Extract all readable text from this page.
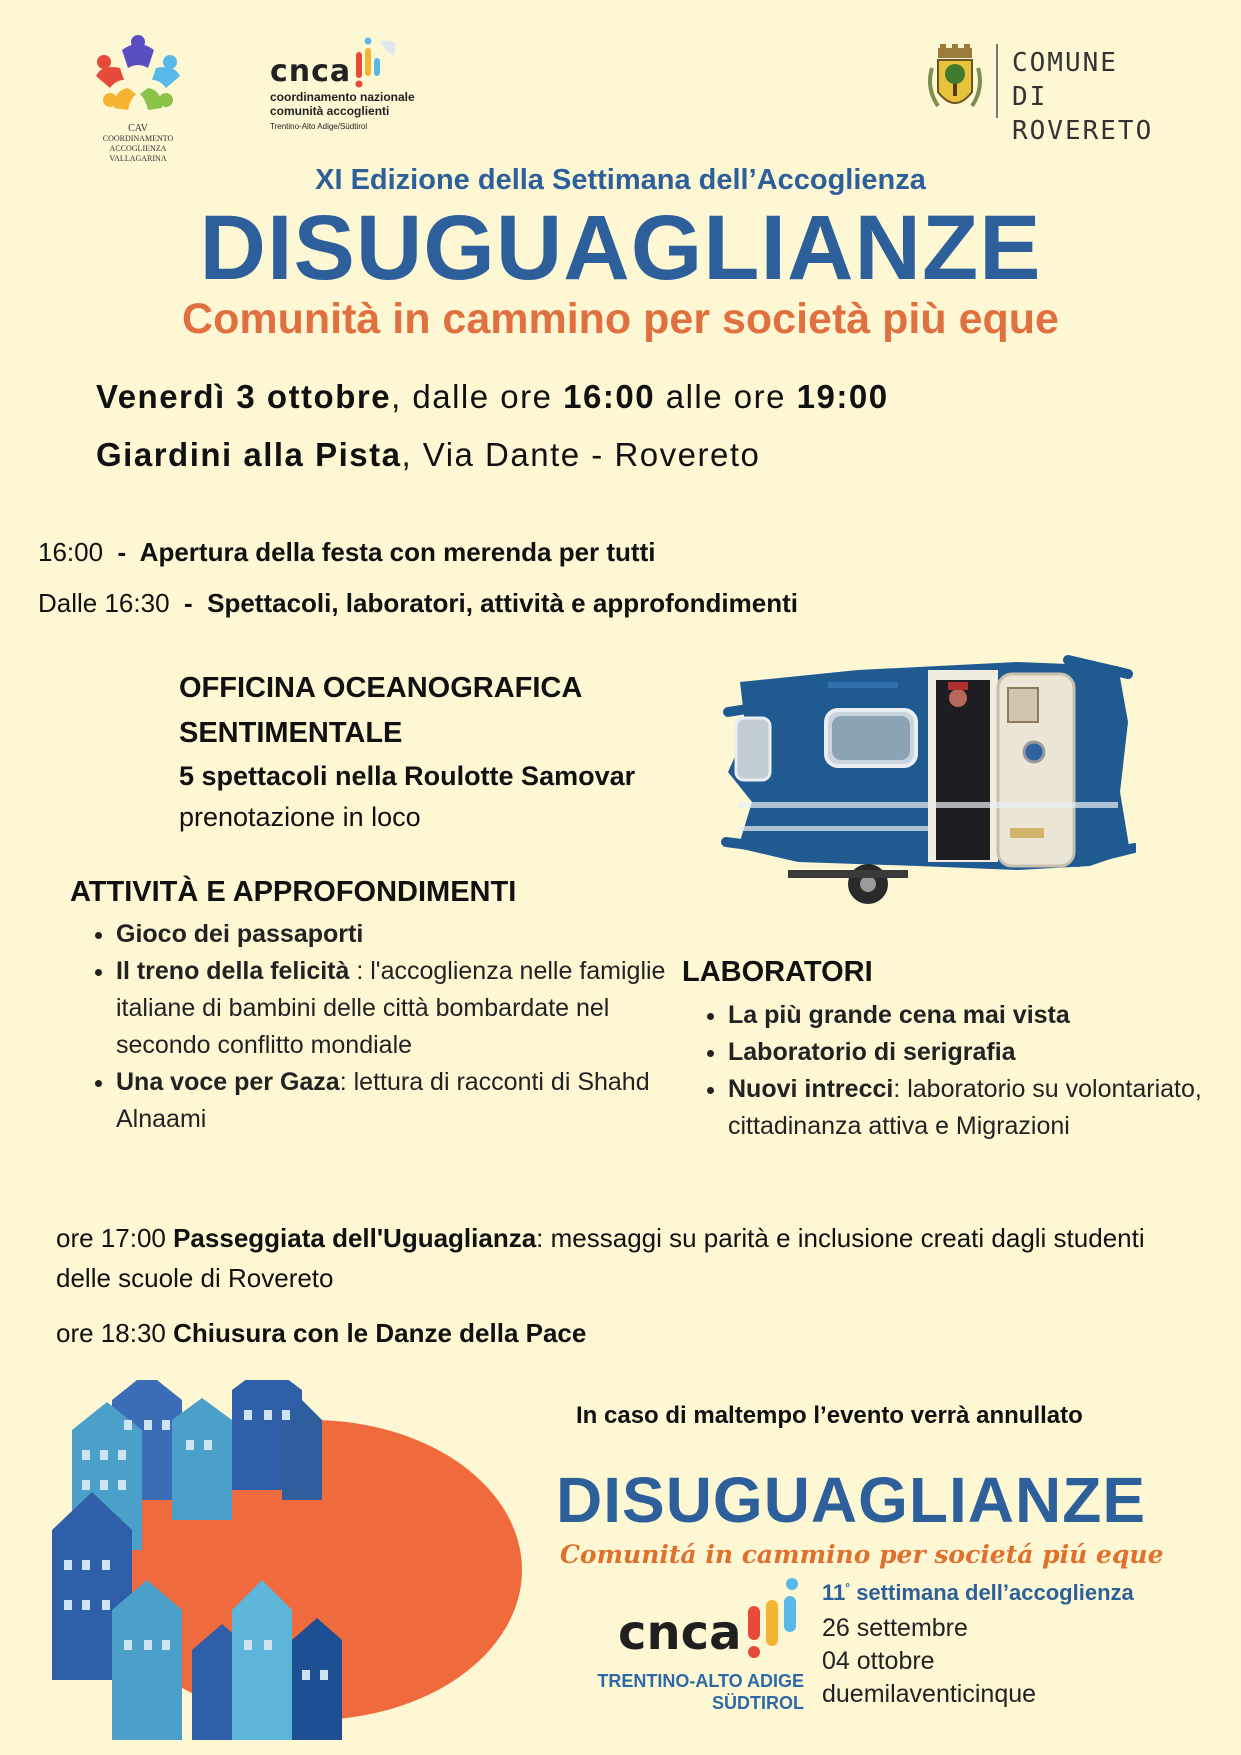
CAV
COORDINAMENTO ACCOGLIENZA
VALLAGARINA
cnca
coordinamento nazionale
comunità accoglienti
Trentino-Alto Adige/Südtirol
COMUNE DI
ROVERETO
XI Edizione della Settimana dell’Accoglienza
DISUGUAGLIANZE
Comunità in cammino per società più eque
Venerdì 3 ottobre, dalle ore 16:00 alle ore 19:00
Giardini alla Pista, Via Dante - Rovereto
16:00  -  Apertura della festa con merenda per tutti
Dalle 16:30  -  Spettacoli, laboratori, attività e approfondimenti
OFFICINA OCEANOGRAFICA
SENTIMENTALE
5 spettacoli nella Roulotte Samovar
prenotazione in loco
ATTIVITÀ E APPROFONDIMENTI
• Gioco dei passaporti
• Il treno della felicità : l'accoglienza nelle famiglie italiane di bambini delle città bombardate nel secondo conflitto mondiale
• Una voce per Gaza: lettura di racconti di Shahd Alnaami
LABORATORI
• La più grande cena mai vista
• Laboratorio di serigrafia
• Nuovi intrecci: laboratorio su volontariato, cittadinanza attiva e Migrazioni
ore 17:00 Passeggiata dell'Uguaglianza: messaggi su parità e inclusione creati dagli studenti delle scuole di Rovereto
ore 18:30 Chiusura con le Danze della Pace
In caso di maltempo l’evento verrà annullato
DISUGUAGLIANZE
Comunitá in cammino per societá piú eque
cnca
TRENTINO-ALTO ADIGE
SÜDTIROL
11° settimana dell’accoglienza
26 settembre
04 ottobre
duemilaventicinque
